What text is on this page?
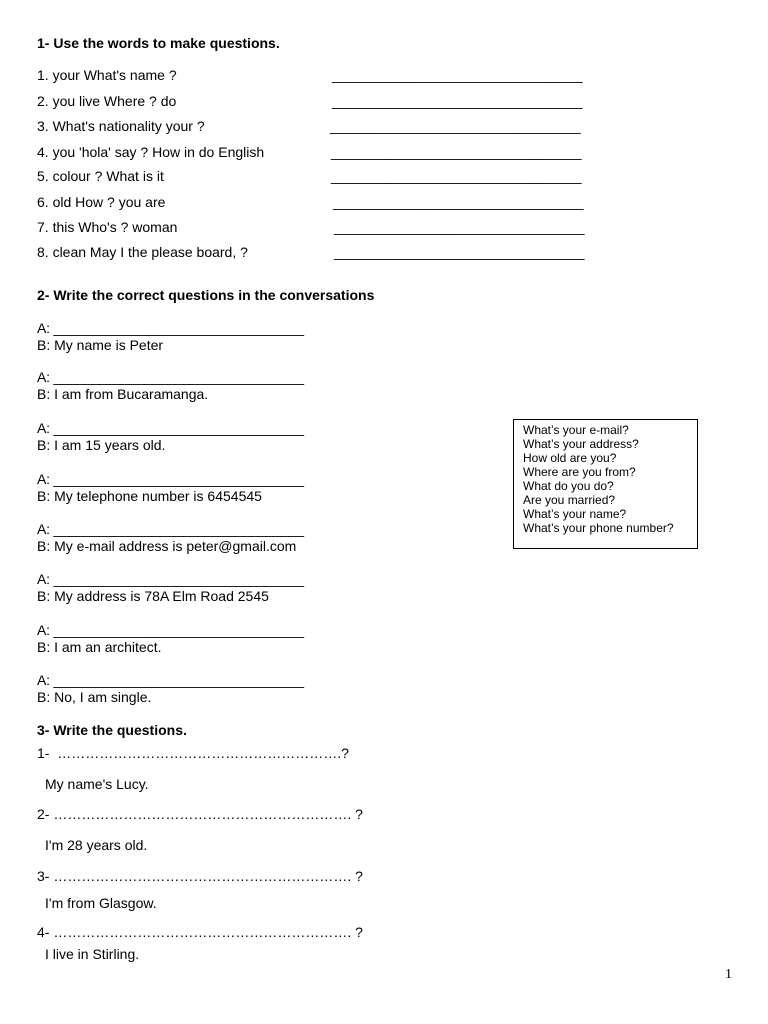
1- Use the words to make questions.
1. your What's name ?	_________________________________
2. you live Where ? do	_________________________________
3. What's nationality your ?	_________________________________
4. you 'hola' say ? How in do English	_________________________________
5. colour ? What is it	_________________________________
6. old How ? you are	_________________________________
7. this Who's ? woman	_________________________________
8. clean May I the please board, ?	_________________________________
2- Write the correct questions in the conversations
A: _________________________________
B: My name is Peter
A: _________________________________
B: I am from Bucaramanga.
A: _________________________________
B: I am 15 years old.
A: _________________________________
B: My telephone number is 6454545
A: _________________________________
B: My e-mail address is peter@gmail.com
A: _________________________________
B: My address is 78A Elm Road 2545
A: _________________________________
B: I am an architect.
A: _________________________________
B: No, I am single.
What’s your e-mail?
What’s your address?
How old are you?
Where are you from?
What do you do?
Are you married?
What’s your name?
What’s your phone number?
3- Write the questions.
1-  …………………………………………………….?
My name's Lucy.
2- ………………………………………………………. ?
I'm 28 years old.
3- ………………………………………………………. ?
I'm from Glasgow.
4- ………………………………………………………. ?
I live in Stirling.
1
